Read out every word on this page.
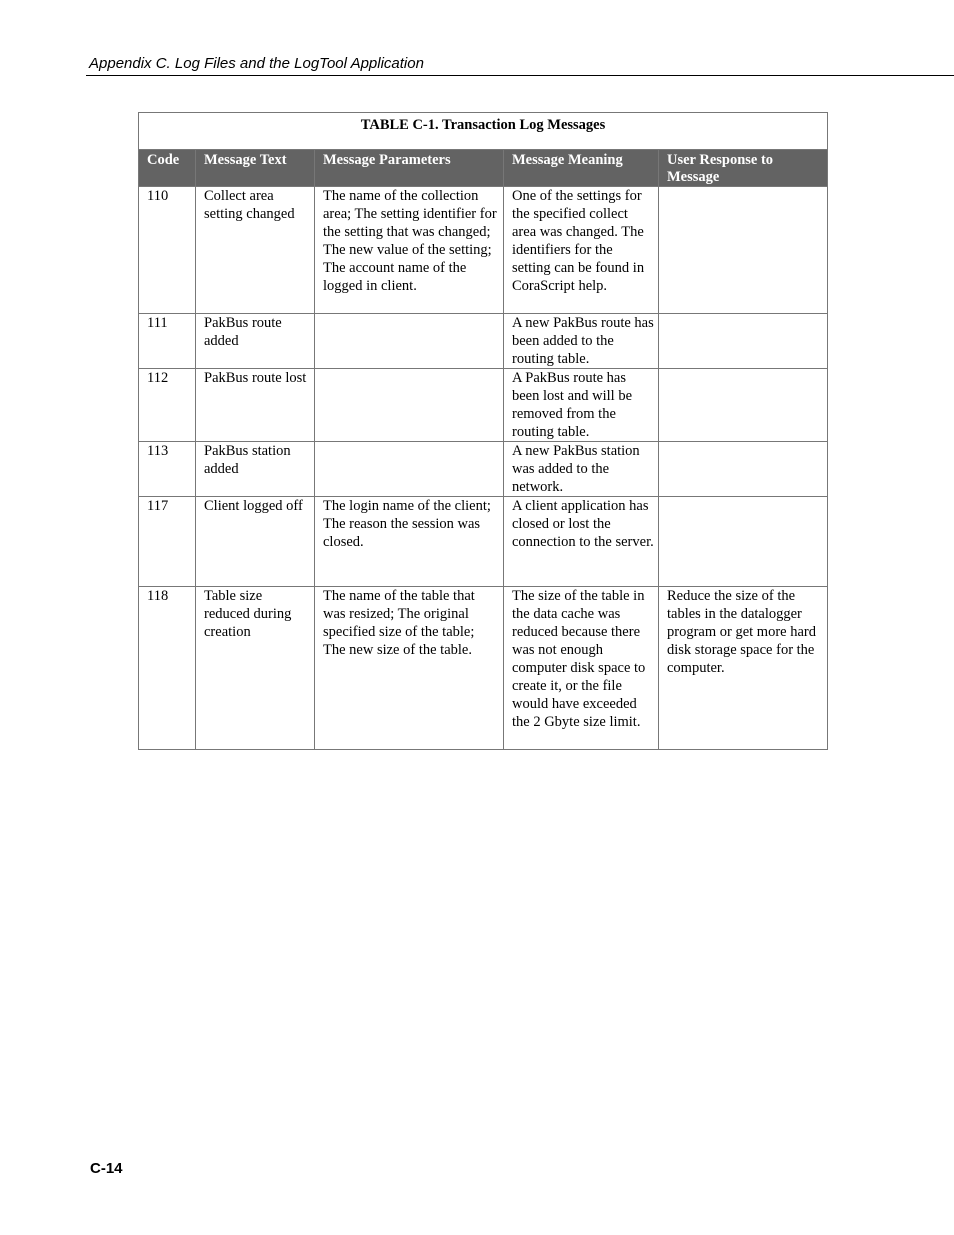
Appendix C. Log Files and the LogTool Application
TABLE C-1. Transaction Log Messages
Code	Message Text	Message Parameters	Message Meaning	User Response to Message
110	Collect area setting changed	The name of the collection area; The setting identifier for the setting that was changed; The new value of the setting; The account name of the logged in client.	One of the settings for the specified collect area was changed. The identifiers for the setting can be found in CoraScript help.	
111	PakBus route added		A new PakBus route has been added to the routing table.	
112	PakBus route lost		A PakBus route has been lost and will be removed from the routing table.	
113	PakBus station added		A new PakBus station was added to the network.	
117	Client logged off	The login name of the client; The reason the session was closed.	A client application has closed or lost the connection to the server.	
118	Table size reduced during creation	The name of the table that was resized; The original specified size of the table; The new size of the table.	The size of the table in the data cache was reduced because there was not enough computer disk space to create it, or the file would have exceeded the 2 Gbyte size limit.	Reduce the size of the tables in the datalogger program or get more hard disk storage space for the computer.
C-14
